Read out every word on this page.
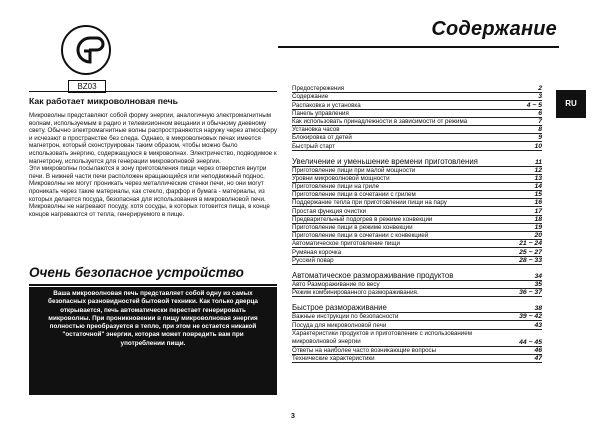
BZ03
Содержание
Как работает микроволновая печь

Микроволны представляют собой форму энергии, аналогичную электромагнитным волнам, используемым в радио и телевизионном вещании и обычному дневному свету. Обычно электромагнитные волны распространяются наружу через атмосферу и исчезают в пространстве без следа. Однако, в микроволновых печах имеется магнетрон, который сконструирован таким образом, чтобы можно было использовать энергию, содержащуюся в микроволнах. Электричество, подводимое к магнетрону, используется для генерации микроволновой энергии.

Эти микроволны посылаются в зону приготовления пищи через отверстия внутри печи. В нижней части печи расположен вращающийся или неподвижный поднос. Микроволны не могут проникать через металлические стенки печи, но они могут проникать через такие материалы, как стекло, фарфор и бумага - материалы, из которых делается посуда, безопасная для использования в микроволновой печи.

Микроволны не нагревают посуду, хотя сосуды, в которых готовится пища, в конце концов нагреваются от тепла, генерируемого в пище.

Очень безопасное устройство
Ваша микроволновая печь представляет собой одну из самых безопасных разновидностей бытовой техники. Как только дверца открывается, печь автоматически перестает генерировать микроволны. При проникновении в пищу микроволновая энергия полностью преобразуется в тепло, при этом не остается никакой "остаточной" энергии, которая может повредить вам при употреблении пищи.
Предостережения	2
Содержание	3
Распаковка и установка	4 ~ 5
Панель управления	6
Как использовать принадлежности в зависимости от режима	7
Установка часов	8
Блокировка от детей	9
Быстрый старт	10
Увеличение и уменьшение времени приготовления	11
Приготовление пищи при малой мощности	12
Уровни микроволновой мощности	13
Приготовление пищи на гриле	14
Приготовление пищи в сочетании с грилем	15
Поддержание тепла при приготовлении пищи на пару	16
Простая функция очистки	17
Предварительный подогрев в режиме конвекции	18
Приготовление пищи в режиме конвекции	19
Приготовление пищи в сочетании с конвекцией	20
Автоматическое приготовление пищи	21 ~ 24
Румяная корочка	25 ~ 27
Русский повар	28 ~ 33
Автоматическое размораживание продуктов	34
Авто Размораживание по весу	35
Режим комбинированного размораживания.	36 ~ 37
Быстрое размораживание	38
Важные инструкции по безопасности	39 ~ 42
Посуда для микроволновой печи	43
Характеристики продуктов и приготовление с использованием микроволновой энергии	44 ~ 45
Ответы на наиболее часто возникающие вопросы	46
Технические характеристики	47
RU
3
